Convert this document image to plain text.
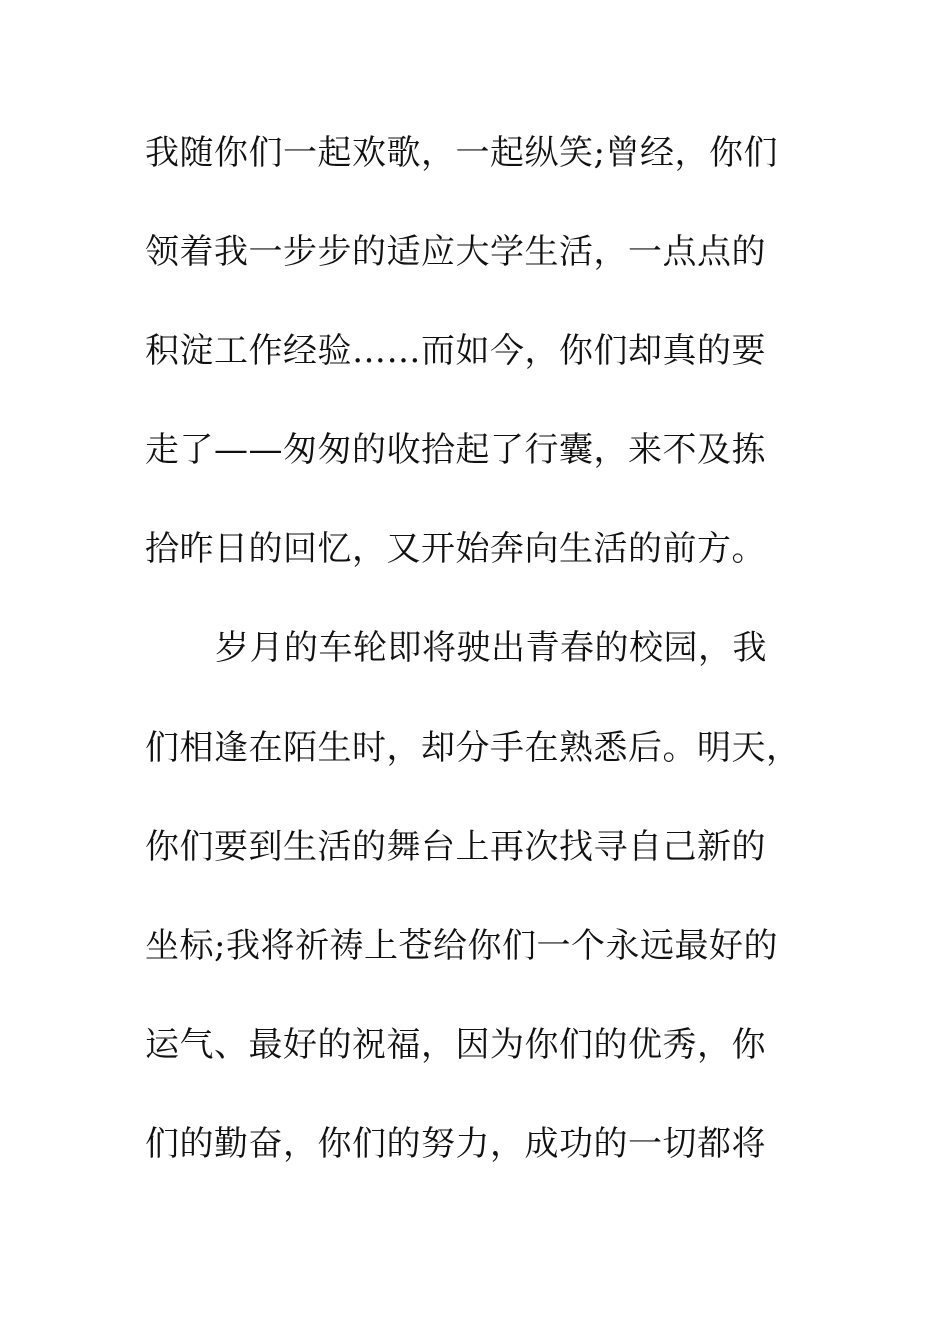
我随你们一起欢歌，一起纵笑;曾经，你们
领着我一步步的适应大学生活，一点点的
积淀工作经验……而如今，你们却真的要
走了——匆匆的收拾起了行囊，来不及拣
拾昨日的回忆，又开始奔向生活的前方。
岁月的车轮即将驶出青春的校园，我
们相逢在陌生时，却分手在熟悉后。明天，
你们要到生活的舞台上再次找寻自己新的
坐标;我将祈祷上苍给你们一个永远最好的
运气、最好的祝福，因为你们的优秀，你
们的勤奋，你们的努力，成功的一切都将
